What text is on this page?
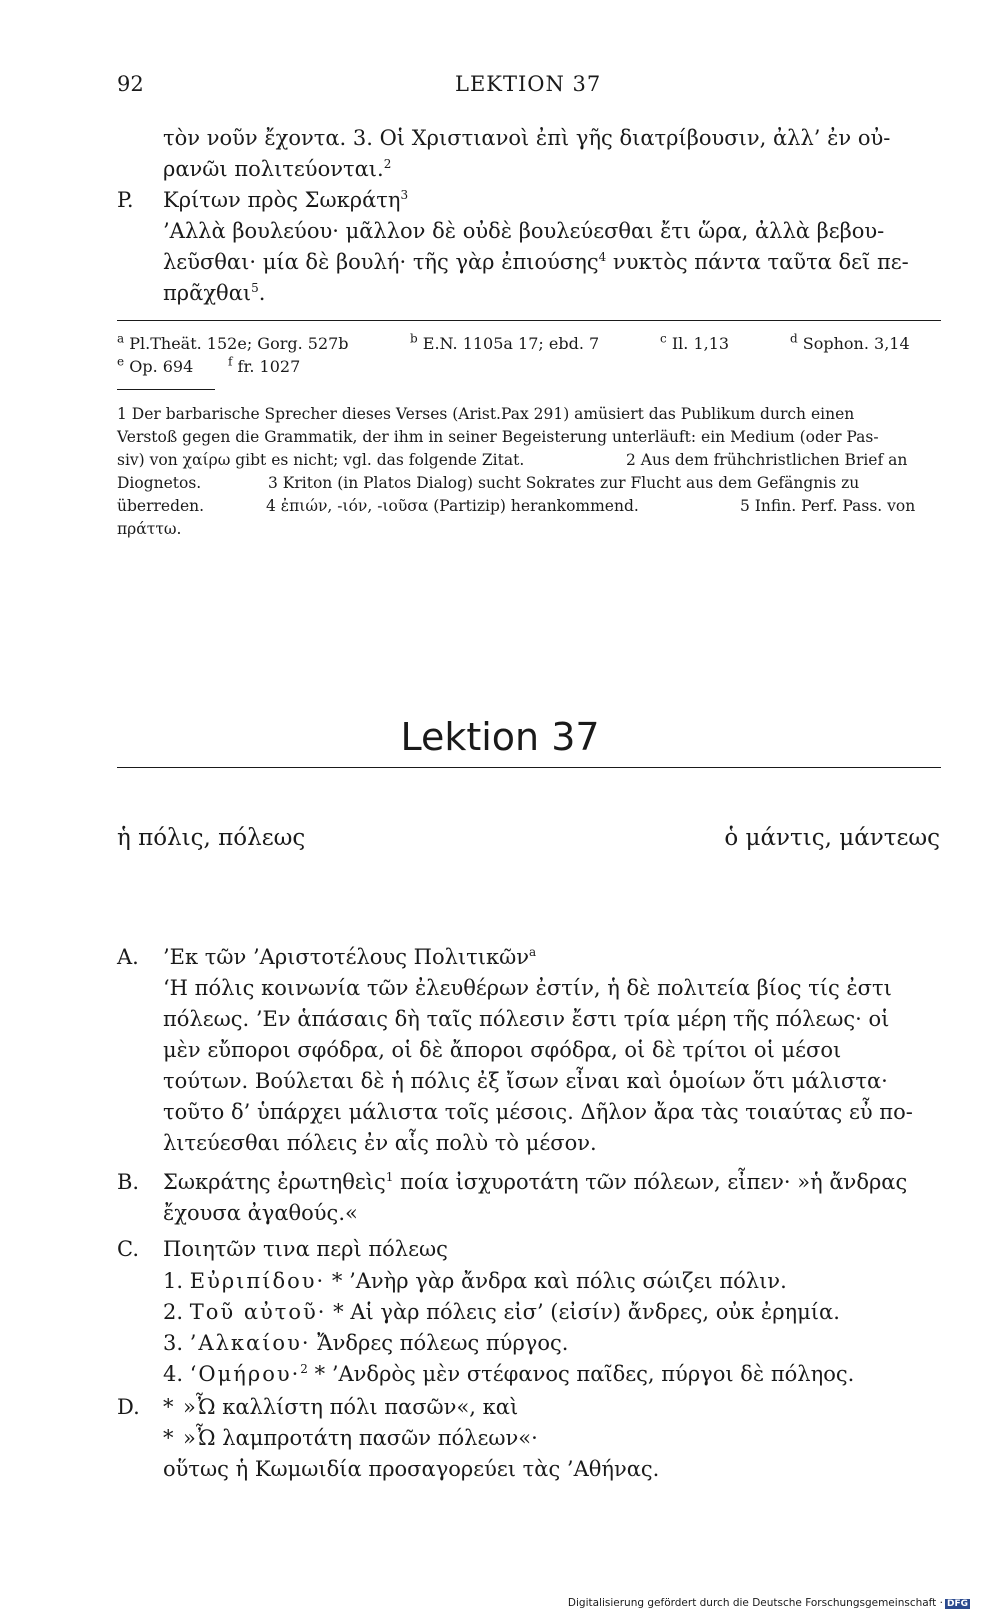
92	LEKTION 37
τὸν νοῦν ἔχοντα. 3. Οἱ Χριστιανοὶ ἐπὶ γῆς διατρίβουσιν, ἀλλ’ ἐν οὐ-
ρανῶι πολιτεύονται.$^2$
P. Κρίτων πρὸς Σωκράτη$^3$
’Αλλὰ βουλεύου· μᾶλλον δὲ οὐδὲ βουλεύεσθαι ἔτι ὥρα, ἀλλὰ βεβου-
λεῦσθαι· μία δὲ βουλή· τῆς γὰρ ἐπιούσης$^4$ νυκτὸς πάντα ταῦτα δεῖ πε-
πρᾶχθαι$^5$.
$^a$ Pl.Theät. 152e; Gorg. 527b	$^b$ E.N. 1105a 17; ebd. 7	$^c$ Il. 1,13	$^d$ Sophon. 3,14
$^e$ Op. 694	$^f$ fr. 1027
1 Der barbarische Sprecher dieses Verses (Arist.Pax 291) amüsiert das Publikum durch einen
Verstoß gegen die Grammatik, der ihm in seiner Begeisterung unterläuft: ein Medium (oder Pas-
siv) von χαίρω gibt es nicht; vgl. das folgende Zitat.	2 Aus dem frühchristlichen Brief an
Diognetos.	3 Kriton (in Platos Dialog) sucht Sokrates zur Flucht aus dem Gefängnis zu
überreden.	4 ἐπιών, -ιόν, -ιοῦσα (Partizip) herankommend.	5 Infin. Perf. Pass. von
πράττω.
Lektion 37
ἡ πόλις, πόλεως	ὁ μάντις, μάντεως
A. ’Εκ τῶν ’Αριστοτέλους Πολιτικῶν$^a$
‘Η πόλις κοινωνία τῶν ἐλευθέρων ἐστίν, ἡ δὲ πολιτεία βίος τίς ἐστι
πόλεως. ’Εν ἁπάσαις δὴ ταῖς πόλεσιν ἔστι τρία μέρη τῆς πόλεως· οἱ
μὲν εὔποροι σφόδρα, οἱ δὲ ἄποροι σφόδρα, οἱ δὲ τρίτοι οἱ μέσοι
τούτων. Βούλεται δὲ ἡ πόλις ἐξ ἴσων εἶναι καὶ ὁμοίων ὅτι μάλιστα·
τοῦτο δ’ ὑπάρχει μάλιστα τοῖς μέσοις. Δῆλον ἄρα τὰς τοιαύτας εὖ πο-
λιτεύεσθαι πόλεις ἐν αἷς πολὺ τὸ μέσον.
B. Σωκράτης ἐρωτηθεὶς$^1$ ποία ἰσχυροτάτη τῶν πόλεων, εἶπεν· »ἡ ἄνδρας
ἔχουσα ἀγαθούς.«
C. Ποιητῶν τινα περὶ πόλεως
1. Εὐριπίδου· * ’Ανὴρ γὰρ ἄνδρα καὶ πόλις σώιζει πόλιν.
2. Τοῦ αὐτοῦ· * Αἱ γὰρ πόλεις εἰσ’ (εἰσίν) ἄνδρες, οὐκ ἐρημία.
3. ’Αλκαίου· Ἄνδρες πόλεως πύργος.
4. ‘Ομήρου·$^2$ * ’Ανδρὸς μὲν στέφανος παῖδες, πύργοι δὲ πόληος.
D. * »Ὦ καλλίστη πόλι πασῶν«, καὶ
* »Ὦ λαμπροτάτη πασῶν πόλεων«·
οὕτως ἡ Κωμωιδία προσαγορεύει τὰς ’Αθήνας.
Digitalisierung gefördert durch die Deutsche Forschungsgemeinschaft · DFG
